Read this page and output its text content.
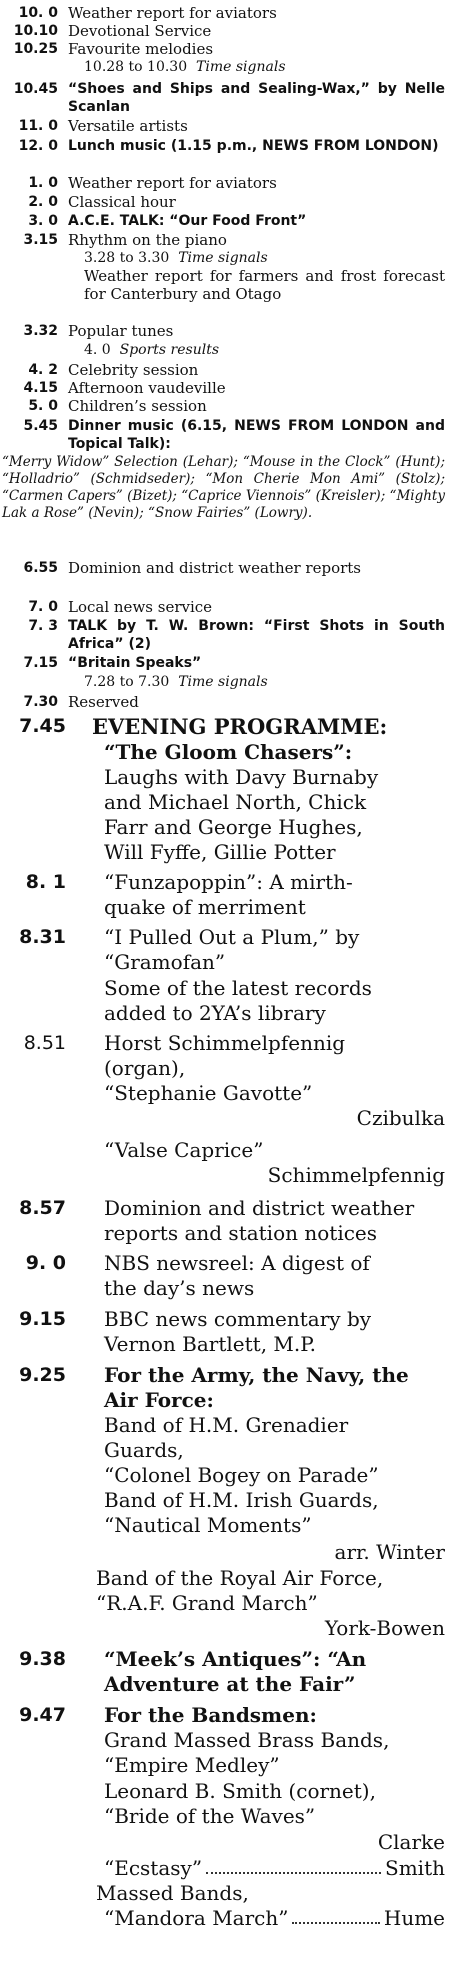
10. 0 Weather report for aviators
10.10 Devotional Service
10.25 Favourite melodies
10.28 to 10.30 Time signals
10.45 “Shoes and Ships and Sealing-Wax,” by Nelle Scanlan
11. 0 Versatile artists
12. 0 Lunch music (1.15 p.m., NEWS FROM LONDON)
1. 0 Weather report for aviators
2. 0 Classical hour
3. 0 A.C.E. TALK: “Our Food Front”
3.15 Rhythm on the piano
3.28 to 3.30 Time signals
Weather report for farmers and frost forecast for Canterbury and Otago
3.32 Popular tunes
4. 0 Sports results
4. 2 Celebrity session
4.15 Afternoon vaudeville
5. 0 Children’s session
5.45 Dinner music (6.15, NEWS FROM LONDON and Topical Talk):
“Merry Widow” Selection (Lehar); “Mouse in the Clock” (Hunt); “Holladrio” (Schmidseder); “Mon Cherie Mon Ami” (Stolz); “Carmen Capers” (Bizet); “Caprice Viennois” (Kreisler); “Mighty Lak a Rose” (Nevin); “Snow Fairies” (Lowry).
6.55 Dominion and district weather reports
7. 0 Local news service
7. 3 TALK by T. W. Brown: “First Shots in South Africa” (2)
7.15 “Britain Speaks”
7.28 to 7.30 Time signals
7.30 Reserved
7.45 EVENING PROGRAMME:
“The Gloom Chasers”:
Laughs with Davy Burnaby
and Michael North, Chick
Farr and George Hughes,
Will Fyffe, Gillie Potter
8. 1 “Funzapoppin”: A mirth-
quake of merriment
8.31 “I Pulled Out a Plum,” by
“Gramofan”
Some of the latest records
added to 2YA’s library
8.51 Horst Schimmelpfennig
(organ),
“Stephanie Gavotte”
Czibulka
“Valse Caprice”
Schimmelpfennig
8.57 Dominion and district weather
reports and station notices
9. 0 NBS newsreel: A digest of
the day’s news
9.15 BBC news commentary by
Vernon Bartlett, M.P.
9.25 For the Army, the Navy, the
Air Force:
Band of H.M. Grenadier
Guards,
“Colonel Bogey on Parade”
Band of H.M. Irish Guards,
“Nautical Moments”
arr. Winter
Band of the Royal Air Force,
“R.A.F. Grand March”
York-Bowen
9.38 “Meek’s Antiques”: “An
Adventure at the Fair”
9.47 For the Bandsmen:
Grand Massed Brass Bands,
“Empire Medley”
Leonard B. Smith (cornet),
“Bride of the Waves”
Clarke
“Ecstasy”	Smith
Massed Bands,
“Mandora March”	Hume
